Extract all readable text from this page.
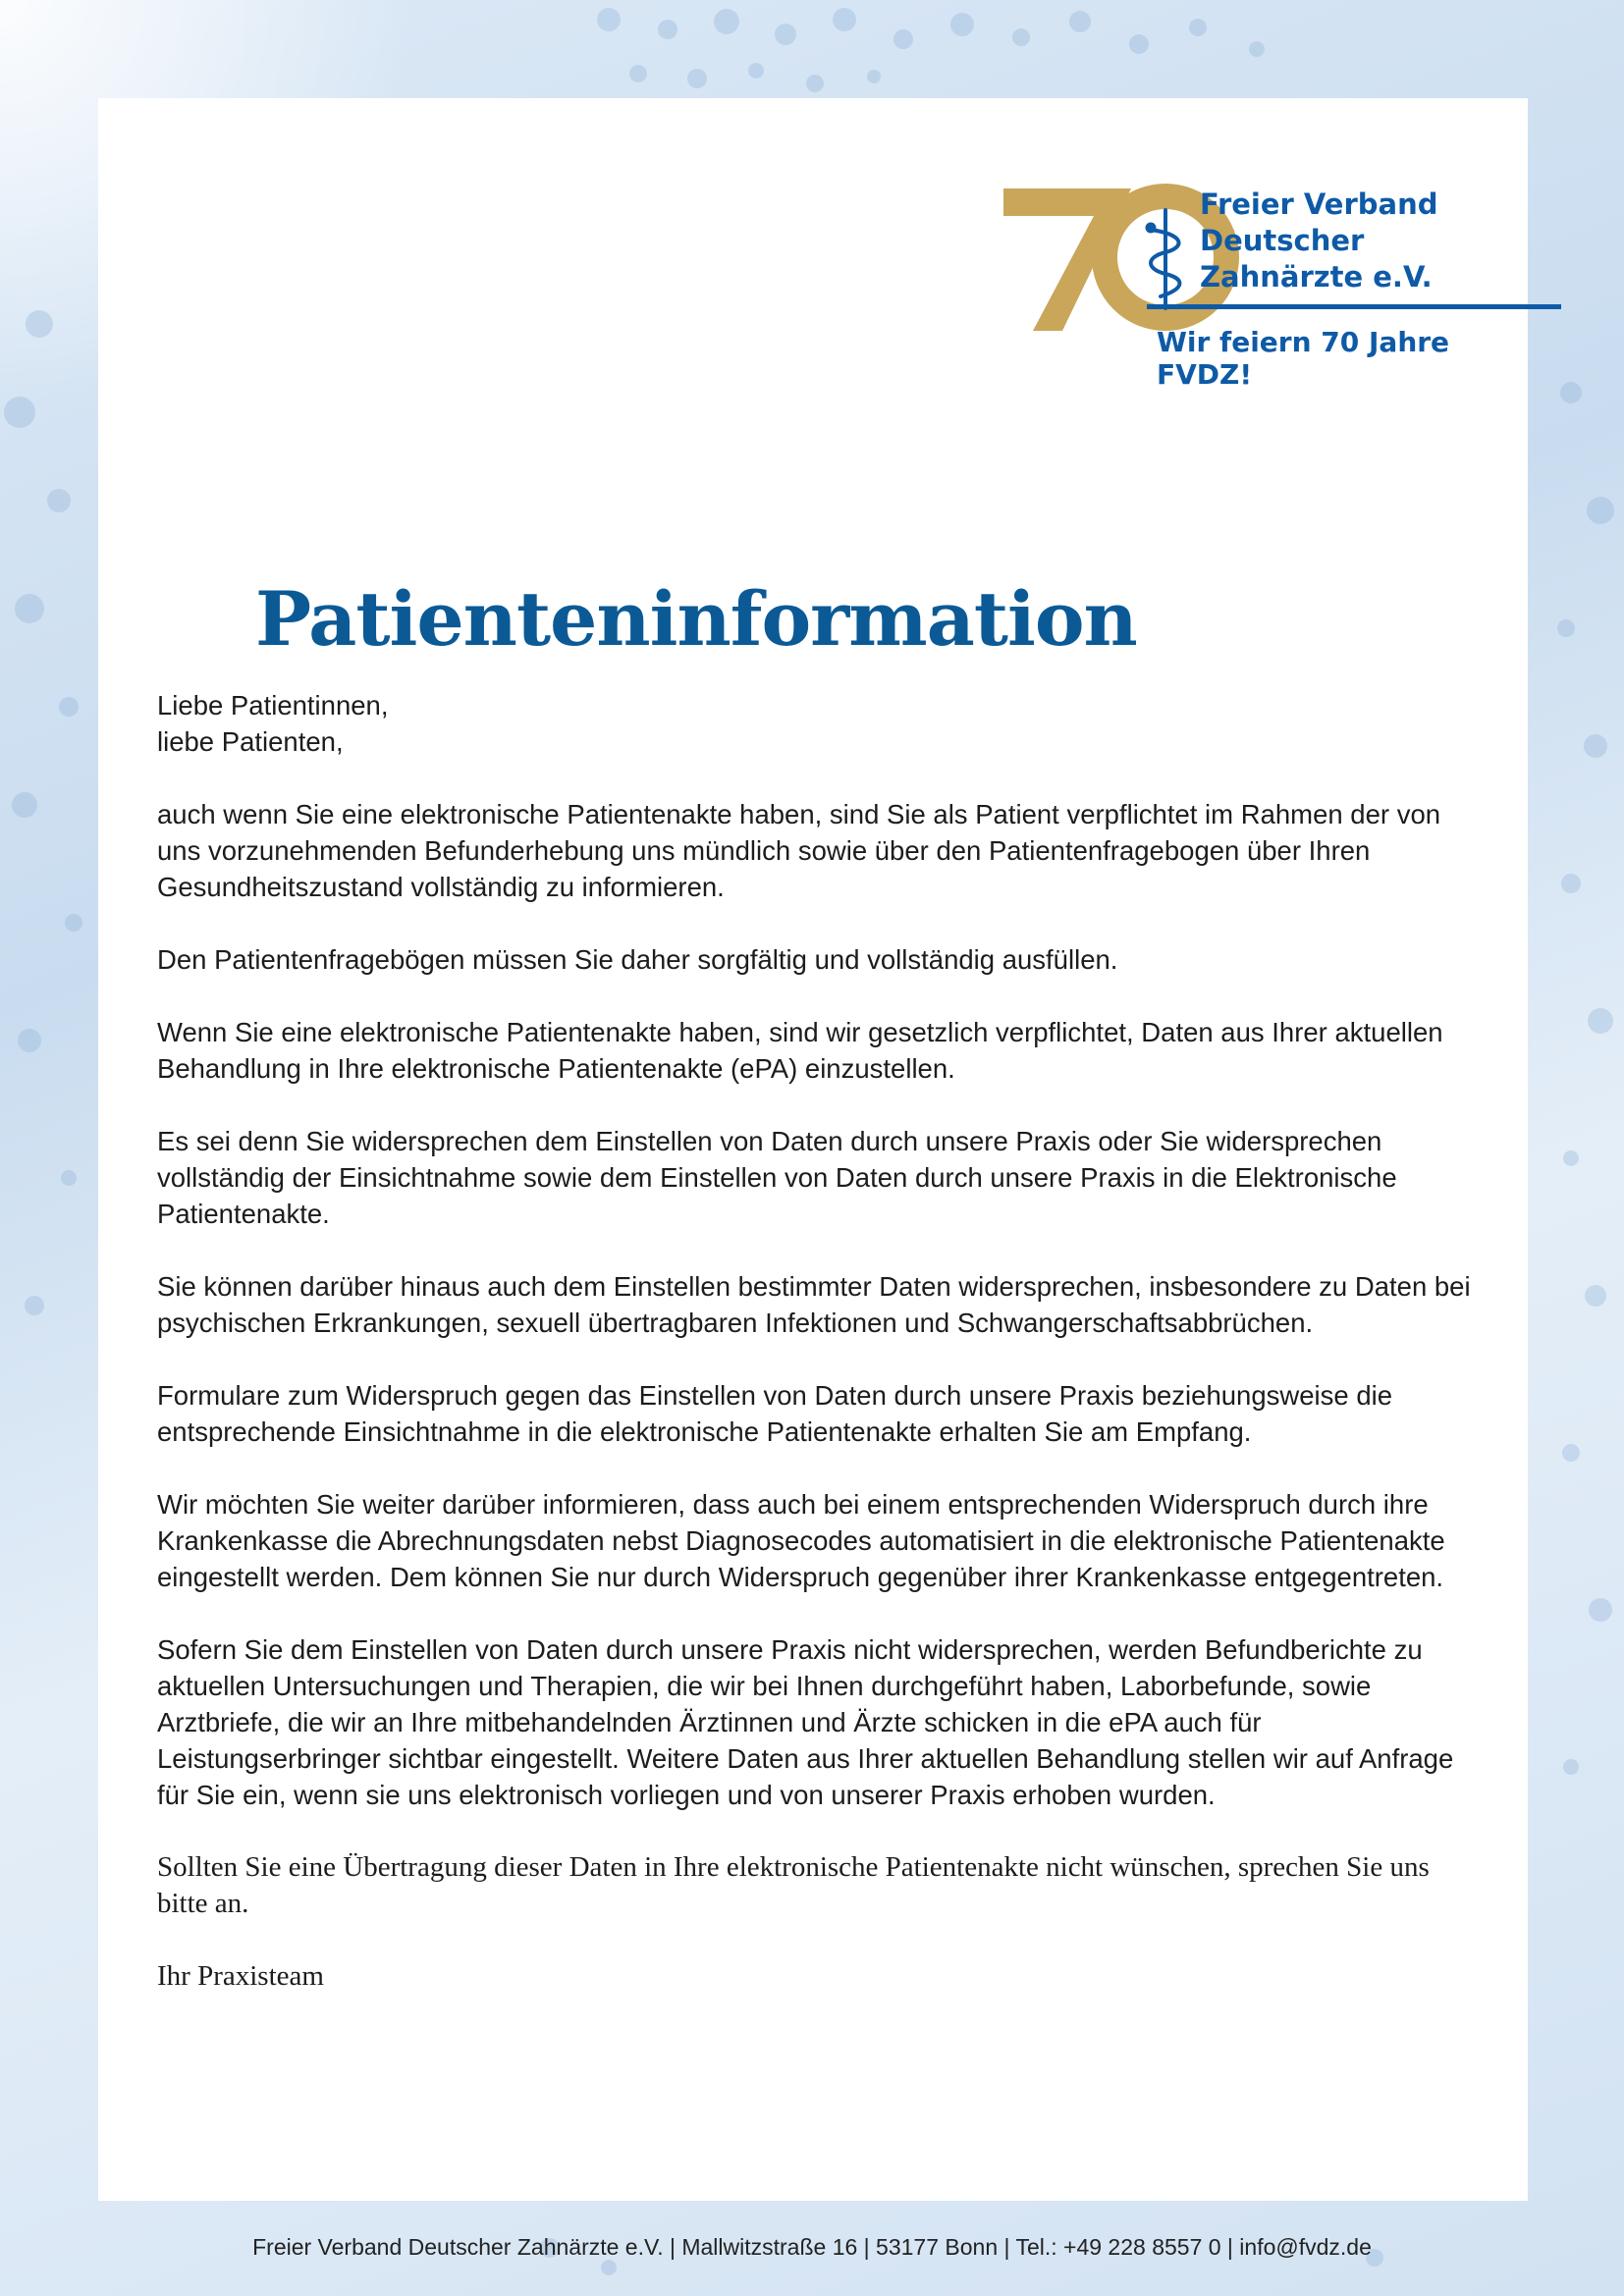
Freier Verband
Deutscher
Zahnärzte e.V.
Wir feiern 70 Jahre FVDZ!
Patienteninformation

Liebe Patientinnen,
liebe Patienten,

auch wenn Sie eine elektronische Patientenakte haben, sind Sie als Patient verpflichtet im Rahmen der von uns vorzunehmenden Befunderhebung uns mündlich sowie über den Patientenfragebogen über Ihren Gesundheitszustand vollständig zu informieren.

Den Patientenfragebögen müssen Sie daher sorgfältig und vollständig ausfüllen.

Wenn Sie eine elektronische Patientenakte haben, sind wir gesetzlich verpflichtet, Daten aus Ihrer aktuellen Behandlung in Ihre elektronische Patientenakte (ePA) einzustellen.

Es sei denn Sie widersprechen dem Einstellen von Daten durch unsere Praxis oder Sie widersprechen vollständig der Einsichtnahme sowie dem Einstellen von Daten durch unsere Praxis in die Elektronische Patientenakte.

Sie können darüber hinaus auch dem Einstellen bestimmter Daten widersprechen, insbesondere zu Daten bei psychischen Erkrankungen, sexuell übertragbaren Infektionen und Schwangerschaftsabbrüchen.

Formulare zum Widerspruch gegen das Einstellen von Daten durch unsere Praxis beziehungsweise die entsprechende Einsichtnahme in die elektronische Patientenakte erhalten Sie am Empfang.

Wir möchten Sie weiter darüber informieren, dass auch bei einem entsprechenden Widerspruch durch ihre Krankenkasse die Abrechnungsdaten nebst Diagnosecodes automatisiert in die elektronische Patientenakte eingestellt werden. Dem können Sie nur durch Widerspruch gegenüber ihrer Krankenkasse entgegentreten.

Sofern Sie dem Einstellen von Daten durch unsere Praxis nicht widersprechen, werden Befundberichte zu aktuellen Untersuchungen und Therapien, die wir bei Ihnen durchgeführt haben, Laborbefunde, sowie Arztbriefe, die wir an Ihre mitbehandelnden Ärztinnen und Ärzte schicken in die ePA auch für Leistungserbringer sichtbar eingestellt. Weitere Daten aus Ihrer aktuellen Behandlung stellen wir auf Anfrage für Sie ein, wenn sie uns elektronisch vorliegen und von unserer Praxis erhoben wurden.

Sollten Sie eine Übertragung dieser Daten in Ihre elektronische Patientenakte nicht wünschen, sprechen Sie uns bitte an.

Ihr Praxisteam

Freier Verband Deutscher Zahnärzte e.V. | Mallwitzstraße 16 | 53177 Bonn | Tel.: +49 228 8557 0 | info@fvdz.de
